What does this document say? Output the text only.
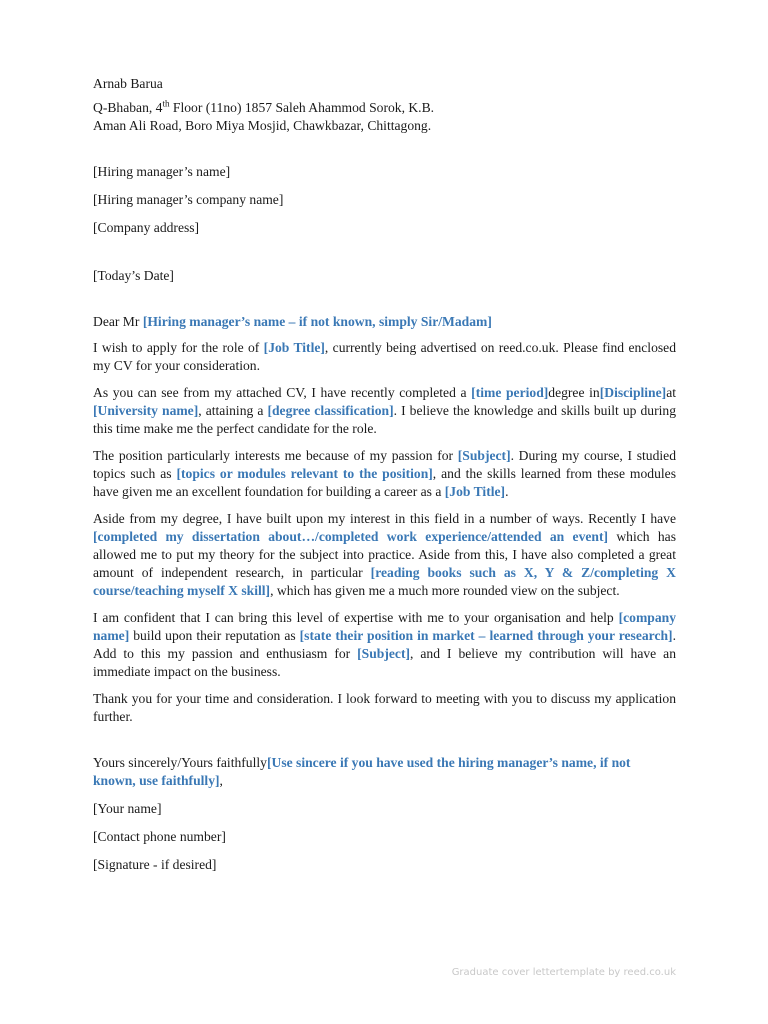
Arnab Barua

Q-Bhaban, 4th Floor (11no) 1857 Saleh Ahammod Sorok, K.B.

Aman Ali Road, Boro Miya Mosjid, Chawkbazar, Chittagong.

[Hiring manager’s name]

[Hiring manager’s company name]

[Company address]

[Today’s Date]

Dear Mr [Hiring manager’s name – if not known, simply Sir/Madam]

I wish to apply for the role of [Job Title], currently being advertised on reed.co.uk. Please find enclosed my CV for your consideration.

As you can see from my attached CV, I have recently completed a [time period]degree in[Discipline]at [University name], attaining a [degree classification]. I believe the knowledge and skills built up during this time make me the perfect candidate for the role.

The position particularly interests me because of my passion for [Subject]. During my course, I studied topics such as [topics or modules relevant to the position], and the skills learned from these modules have given me an excellent foundation for building a career as a [Job Title].

Aside from my degree, I have built upon my interest in this field in a number of ways. Recently I have [completed my dissertation about…/completed work experience/attended an event] which has allowed me to put my theory for the subject into practice. Aside from this, I have also completed a great amount of independent research, in particular [reading books such as X, Y & Z/completing X course/teaching myself X skill], which has given me a much more rounded view on the subject.

I am confident that I can bring this level of expertise with me to your organisation and help [company name] build upon their reputation as [state their position in market – learned through your research]. Add to this my passion and enthusiasm for [Subject], and I believe my contribution will have an immediate impact on the business.

Thank you for your time and consideration. I look forward to meeting with you to discuss my application further.

Yours sincerely/Yours faithfully[Use sincere if you have used the hiring manager’s name, if not known, use faithfully],

[Your name]

[Contact phone number]

[Signature - if desired]

Graduate cover lettertemplate by reed.co.uk
